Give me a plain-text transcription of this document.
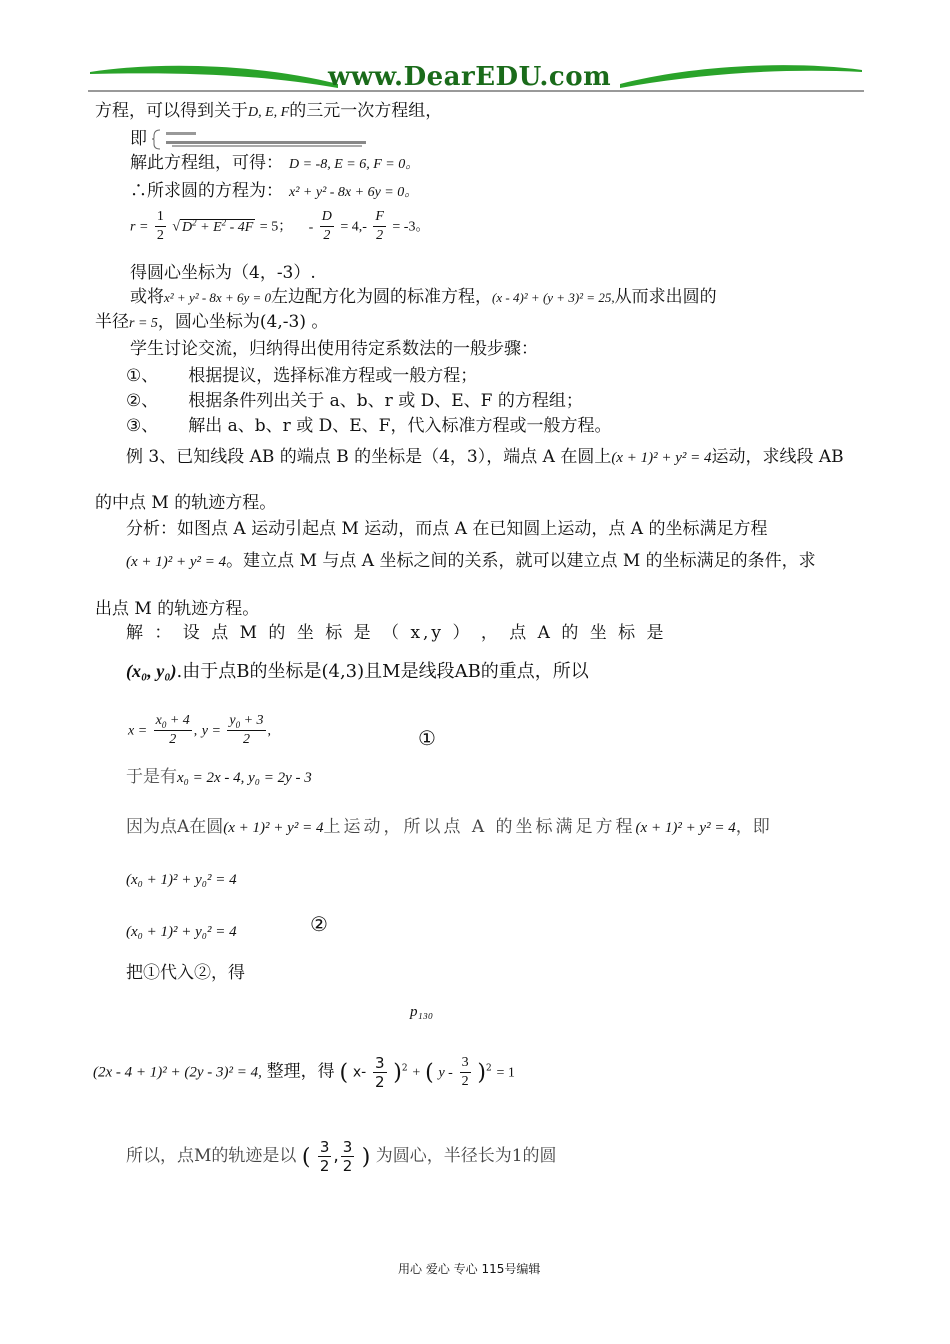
www.DearEDU.com
方程，可以得到关于D, E, F的三元一次方程组，
即
解此方程组，可得： D = -8, E = 6, F = 0。
∴所求圆的方程为： x² + y² - 8x + 6y = 0。
$r = \frac{1}{2}$ √ $D^2 + E^2 - 4F = 5$； - $\frac{D}{2} = 4,- \frac{F}{2} = -3$。
得圆心坐标为（4，-3）.
或将x² + y² - 8x + 6y = 0左边配方化为圆的标准方程，(x - 4)² + (y + 3)² = 25,从而求出圆的
半径r = 5，圆心坐标为(4,-3) 。
学生讨论交流，归纳得出使用待定系数法的一般步骤：
①、 根据提议，选择标准方程或一般方程；
②、 根据条件列出关于 a、b、r 或 D、E、F 的方程组；
③、 解出 a、b、r 或 D、E、F，代入标准方程或一般方程。
例 3、已知线段 AB 的端点 B 的坐标是（4，3），端点 A 在圆上(x + 1)² + y² = 4运动，求线段 AB
的中点 M 的轨迹方程。
分析：如图点 A 运动引起点 M 运动，而点 A 在已知圆上运动，点 A 的坐标满足方程
(x + 1)² + y² = 4。建立点 M 与点 A 坐标之间的关系，就可以建立点 M 的坐标满足的条件，求
出点 M 的轨迹方程。
解 ： 设 点 M 的 坐 标 是 （ x,y ） ， 点 A 的 坐 标 是
(x₀, y₀).由于点B的坐标是(4,3)且M是线段AB的重点，所以
$x = \frac{x_0 + 4}{2}$ , $y = \frac{y_0 + 3}{2}$ ,	①
于是有x₀ = 2x - 4, y₀ = 2y - 3
因为点A在圆(x + 1)² + y² = 4上运动，所以点 A 的坐标满足方程(x + 1)² + y² = 4，即
(x₀ + 1)² + y₀² = 4
(x₀ + 1)² + y₀² = 4	②
把①代入②，得
p₁₃₀
(2x - 4 + 1)² + (2y - 3)² = 4, 整理，得 ( $x- \frac{3}{2} )^2$ + ( $y - \frac{3}{2} )^2 = 1$
所以，点M的轨迹是以 ( $\frac{3}{2}$ , $\frac{3}{2}$ ) 为圆心，半径长为1的圆
用心 爱心 专心 115号编辑
